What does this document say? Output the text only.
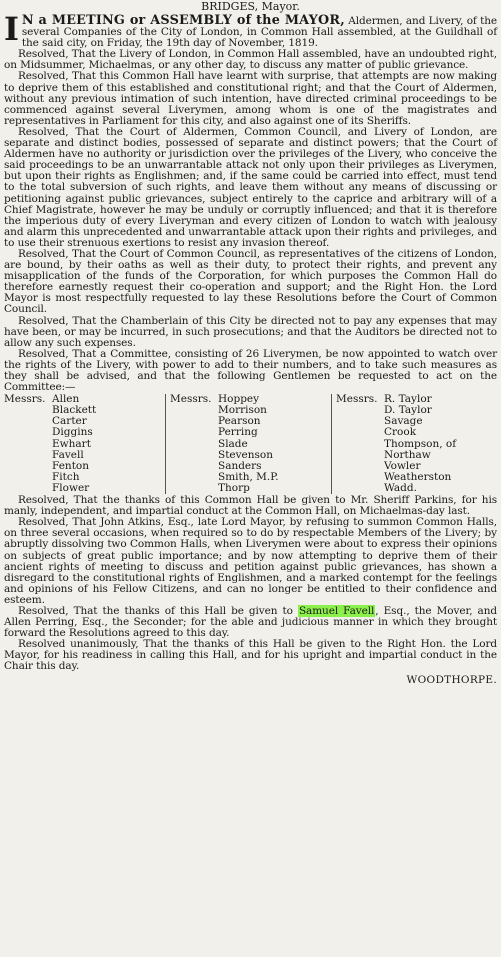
BRIDGES, Mayor.

I N a MEETING or ASSEMBLY of the MAYOR, Aldermen, and Livery, of the several Companies of the City of London, in Common Hall assembled, at the Guildhall of the said city, on Friday, the 19th day of November, 1819.

Resolved, That the Livery of London, in Common Hall assembled, have an undoubted right, on Midsummer, Michaelmas, or any other day, to discuss any matter of public grievance.

Resolved, That this Common Hall have learnt with surprise, that attempts are now making to deprive them of this established and constitutional right; and that the Court of Aldermen, without any previous intimation of such intention, have directed criminal proceedings to be commenced against several Liverymen, among whom is one of the magistrates and representatives in Parliament for this city, and also against one of its Sheriffs.

Resolved, That the Court of Aldermen, Common Council, and Livery of London, are separate and distinct bodies, possessed of separate and distinct powers; that the Court of Aldermen have no authority or jurisdiction over the privileges of the Livery, who conceive the said proceedings to be an unwarrantable attack not only upon their privileges as Liverymen, but upon their rights as Englishmen; and, if the same could be carried into effect, must tend to the total subversion of such rights, and leave them without any means of discussing or petitioning against public grievances, subject entirely to the caprice and arbitrary will of a Chief Magistrate, however he may be unduly or corruptly influenced; and that it is therefore the imperious duty of every Liveryman and every citizen of London to watch with jealousy and alarm this unprecedented and unwarrantable attack upon their rights and privileges, and to use their strenuous exertions to resist any invasion thereof.

Resolved, That the Court of Common Council, as representatives of the citizens of London, are bound, by their oaths as well as their duty, to protect their rights, and prevent any misapplication of the funds of the Corporation, for which purposes the Common Hall do therefore earnestly request their co-operation and support; and the Right Hon. the Lord Mayor is most respectfully requested to lay these Resolutions before the Court of Common Council.

Resolved, That the Chamberlain of this City be directed not to pay any expenses that may have been, or may be incurred, in such prosecutions; and that the Auditors be directed not to allow any such expenses.

Resolved, That a Committee, consisting of 26 Liverymen, be now appointed to watch over the rights of the Livery, with power to add to their numbers, and to take such measures as they shall be advised, and that the following Gentlemen be requested to act on the Committee:—

Messrs. Allen
Blackett
Carter
Diggins
Ewhart
Favell
Fenton
Fitch
Flower
Messrs. Hoppey
Morrison
Pearson
Perring
Slade
Stevenson
Sanders
Smith, M.P.
Thorp
Messrs. R. Taylor
D. Taylor
Savage
Crook
Thompson, of
Northaw
Vowler
Weatherston
Wadd.

Resolved, That the thanks of this Common Hall be given to Mr. Sheriff Parkins, for his manly, independent, and impartial conduct at the Common Hall, on Michaelmas-day last.

Resolved, That John Atkins, Esq., late Lord Mayor, by refusing to summon Common Halls, on three several occasions, when required so to do by respectable Members of the Livery; by abruptly dissolving two Common Halls, when Liverymen were about to express their opinions on subjects of great public importance; and by now attempting to deprive them of their ancient rights of meeting to discuss and petition against public grievances, has shown a disregard to the constitutional rights of Englishmen, and a marked contempt for the feelings and opinions of his Fellow Citizens, and can no longer be entitled to their confidence and esteem.

Resolved, That the thanks of this Hall be given to Samuel Favell, Esq., the Mover, and Allen Perring, Esq., the Seconder; for the able and judicious manner in which they brought forward the Resolutions agreed to this day.

Resolved unanimously, That the thanks of this Hall be given to the Right Hon. the Lord Mayor, for his readiness in calling this Hall, and for his upright and impartial conduct in the Chair this day.

WOODTHORPE.
